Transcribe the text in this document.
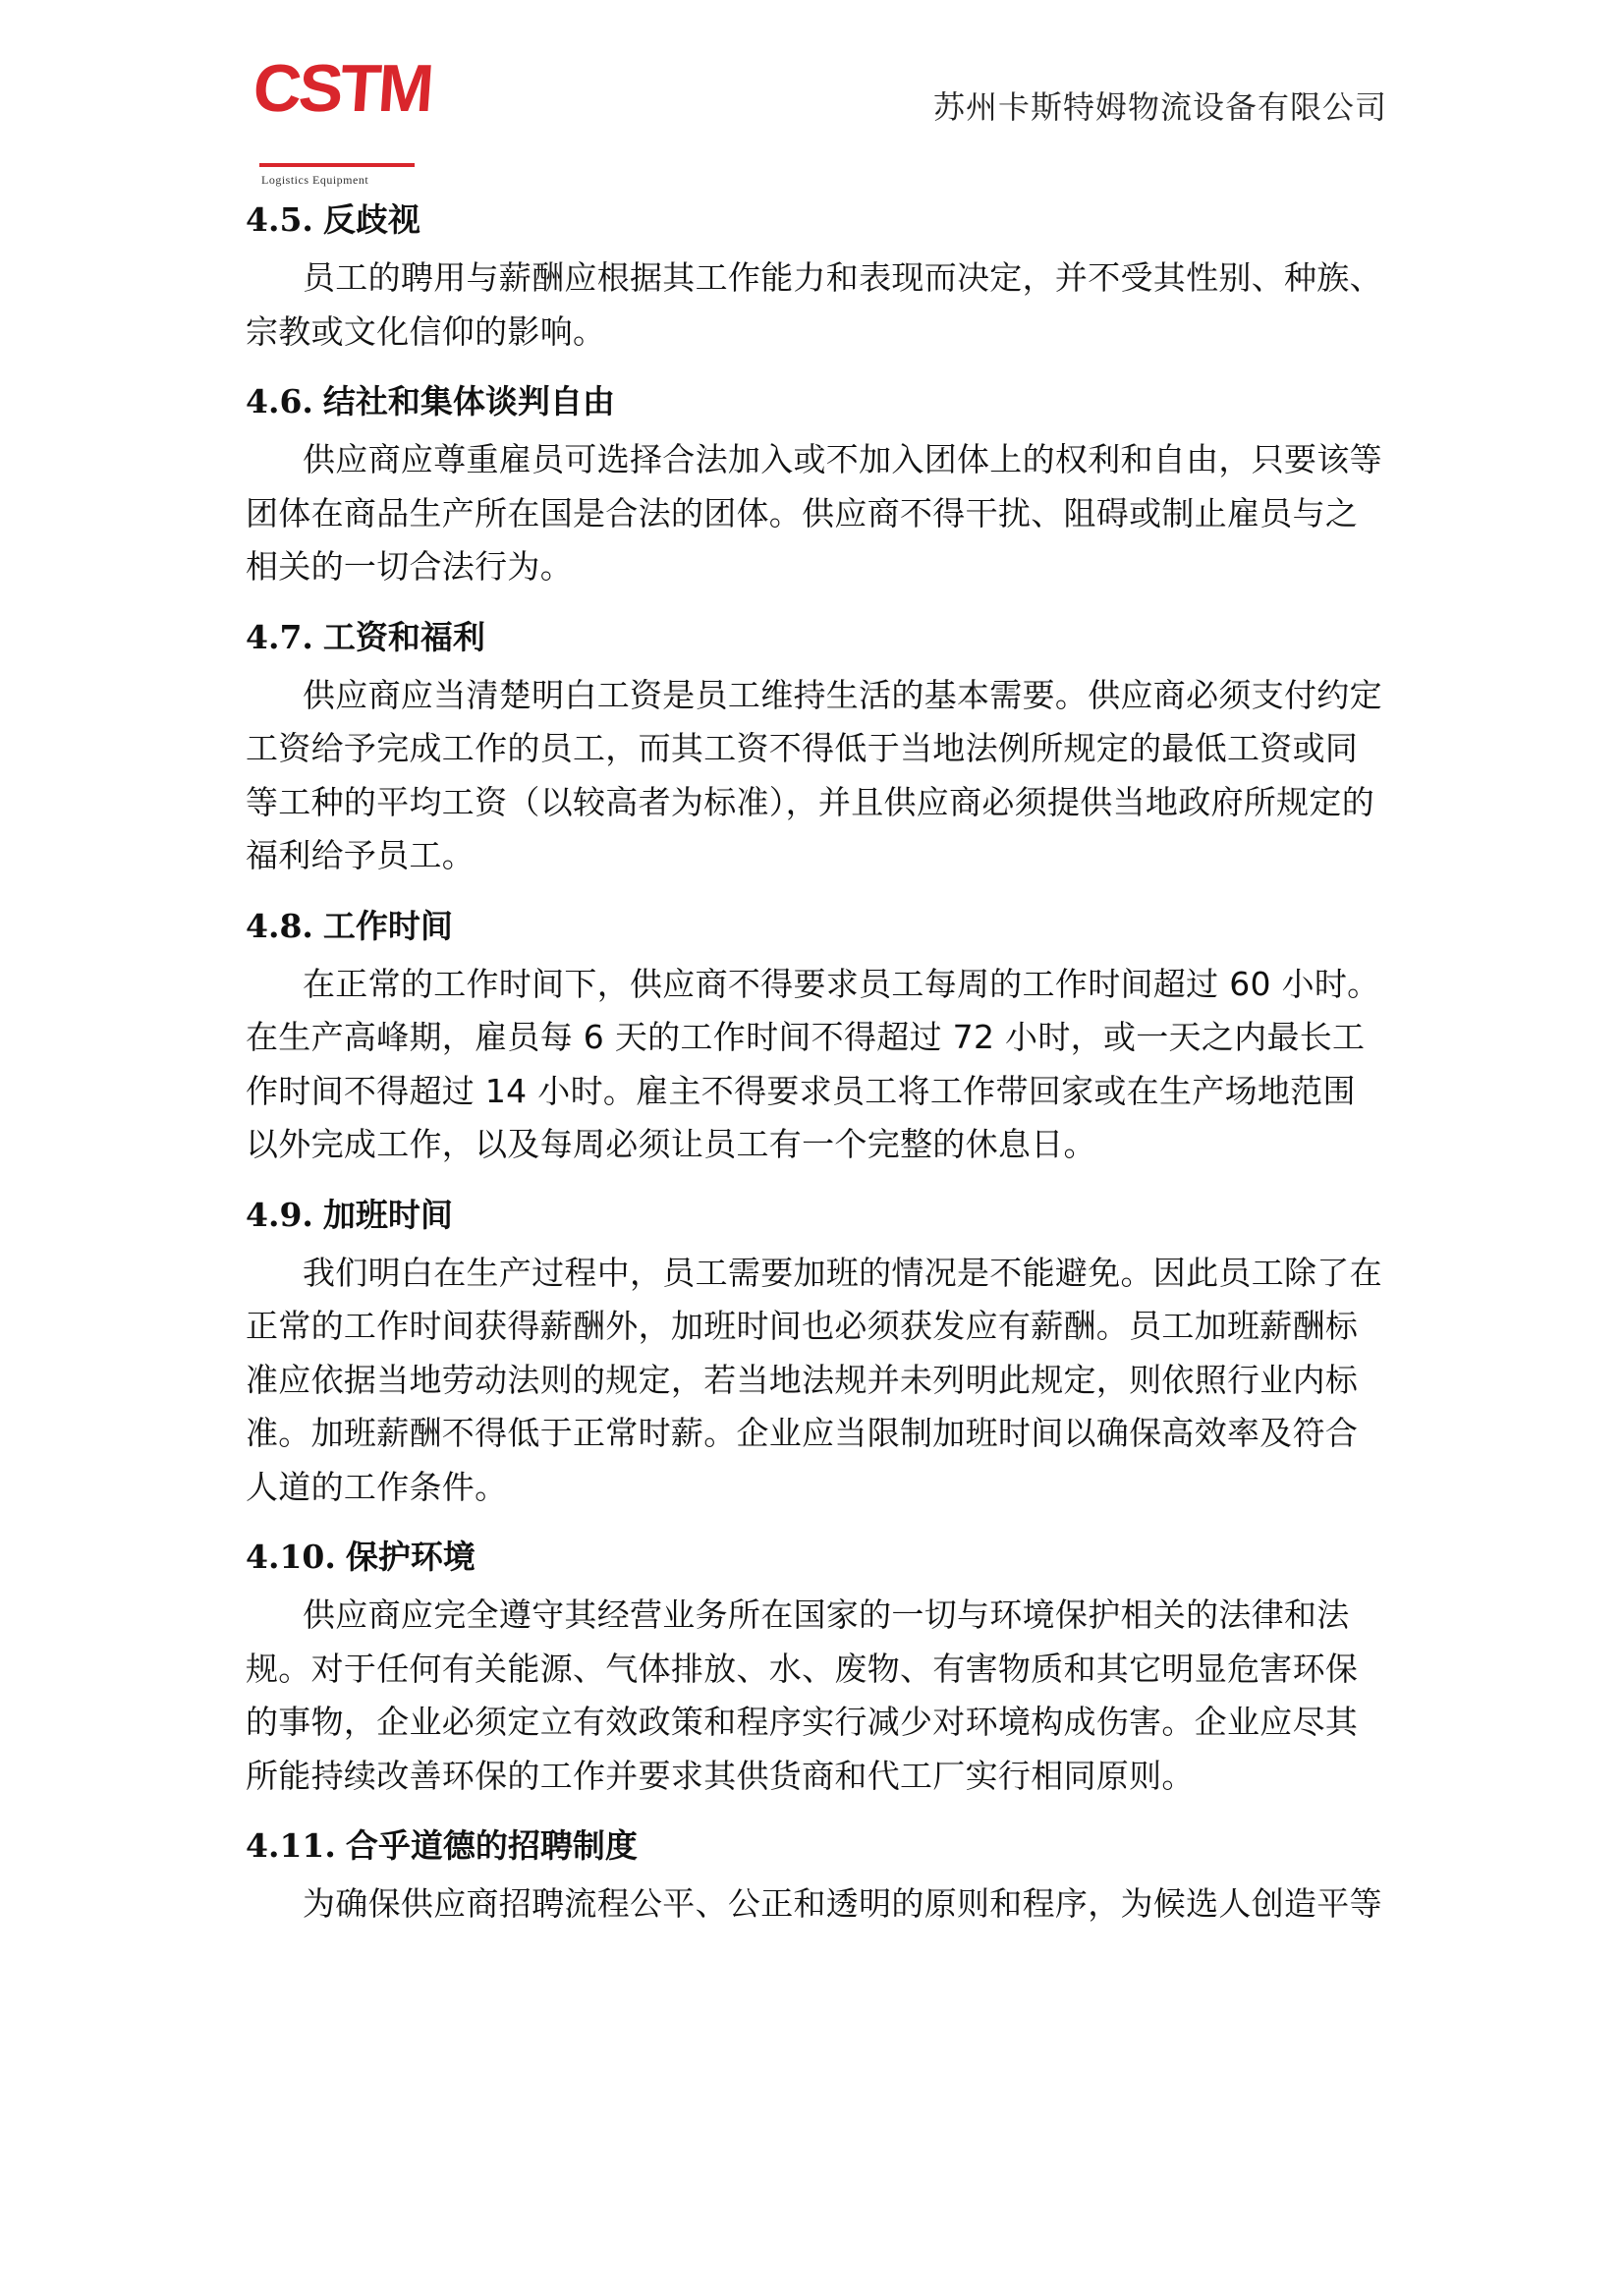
CSTM
Logistics Equipment
苏州卡斯特姆物流设备有限公司
4.5. 反歧视

员工的聘用与薪酬应根据其工作能力和表现而决定，并不受其性别、种族、宗教或文化信仰的影响。

4.6. 结社和集体谈判自由

供应商应尊重雇员可选择合法加入或不加入团体上的权利和自由，只要该等团体在商品生产所在国是合法的团体。供应商不得干扰、阻碍或制止雇员与之相关的一切合法行为。

4.7. 工资和福利

供应商应当清楚明白工资是员工维持生活的基本需要。供应商必须支付约定工资给予完成工作的员工，而其工资不得低于当地法例所规定的最低工资或同等工种的平均工资（以较高者为标准），并且供应商必须提供当地政府所规定的福利给予员工。

4.8. 工作时间

在正常的工作时间下，供应商不得要求员工每周的工作时间超过 60 小时。在生产高峰期，雇员每 6 天的工作时间不得超过 72 小时，或一天之内最长工作时间不得超过 14 小时。雇主不得要求员工将工作带回家或在生产场地范围以外完成工作，以及每周必须让员工有一个完整的休息日。

4.9. 加班时间

我们明白在生产过程中，员工需要加班的情况是不能避免。因此员工除了在正常的工作时间获得薪酬外，加班时间也必须获发应有薪酬。员工加班薪酬标准应依据当地劳动法则的规定，若当地法规并未列明此规定，则依照行业内标准。加班薪酬不得低于正常时薪。企业应当限制加班时间以确保高效率及符合人道的工作条件。

4.10. 保护环境

供应商应完全遵守其经营业务所在国家的一切与环境保护相关的法律和法规。对于任何有关能源、气体排放、水、废物、有害物质和其它明显危害环保的事物，企业必须定立有效政策和程序实行减少对环境构成伤害。企业应尽其所能持续改善环保的工作并要求其供货商和代工厂实行相同原则。

4.11. 合乎道德的招聘制度

为确保供应商招聘流程公平、公正和透明的原则和程序，为候选人创造平等
